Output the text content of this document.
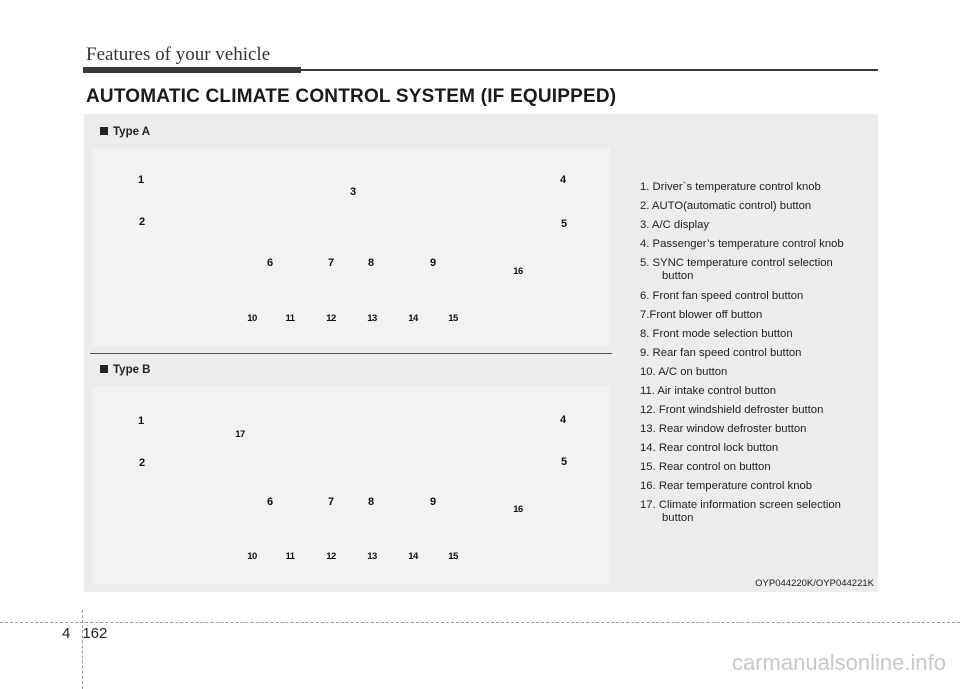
Features of your vehicle
AUTOMATIC CLIMATE CONTROL SYSTEM (IF EQUIPPED)
Type A
1
2
3
4
5
6	7	8	9
16
10	11	12	13	14	15
Type B
1
17
2
4
5
6	7	8	9
16
10	11	12	13	14	15
1. Driver`s temperature control knob
2. AUTO(automatic control) button
3. A/C display
4. Passenger’s temperature control knob
5. SYNC temperature control selection
button
6. Front fan speed control button
7.Front blower off button
8. Front mode selection button
9. Rear fan speed control button
10. A/C on button
11. Air intake control button
12. Front windshield defroster button
13. Rear window defroster button
14. Rear control lock button
15. Rear control on button
16. Rear temperature control knob
17. Climate information screen selection
button
OYP044220K/OYP044221K
4 162
carmanualsonline.info
